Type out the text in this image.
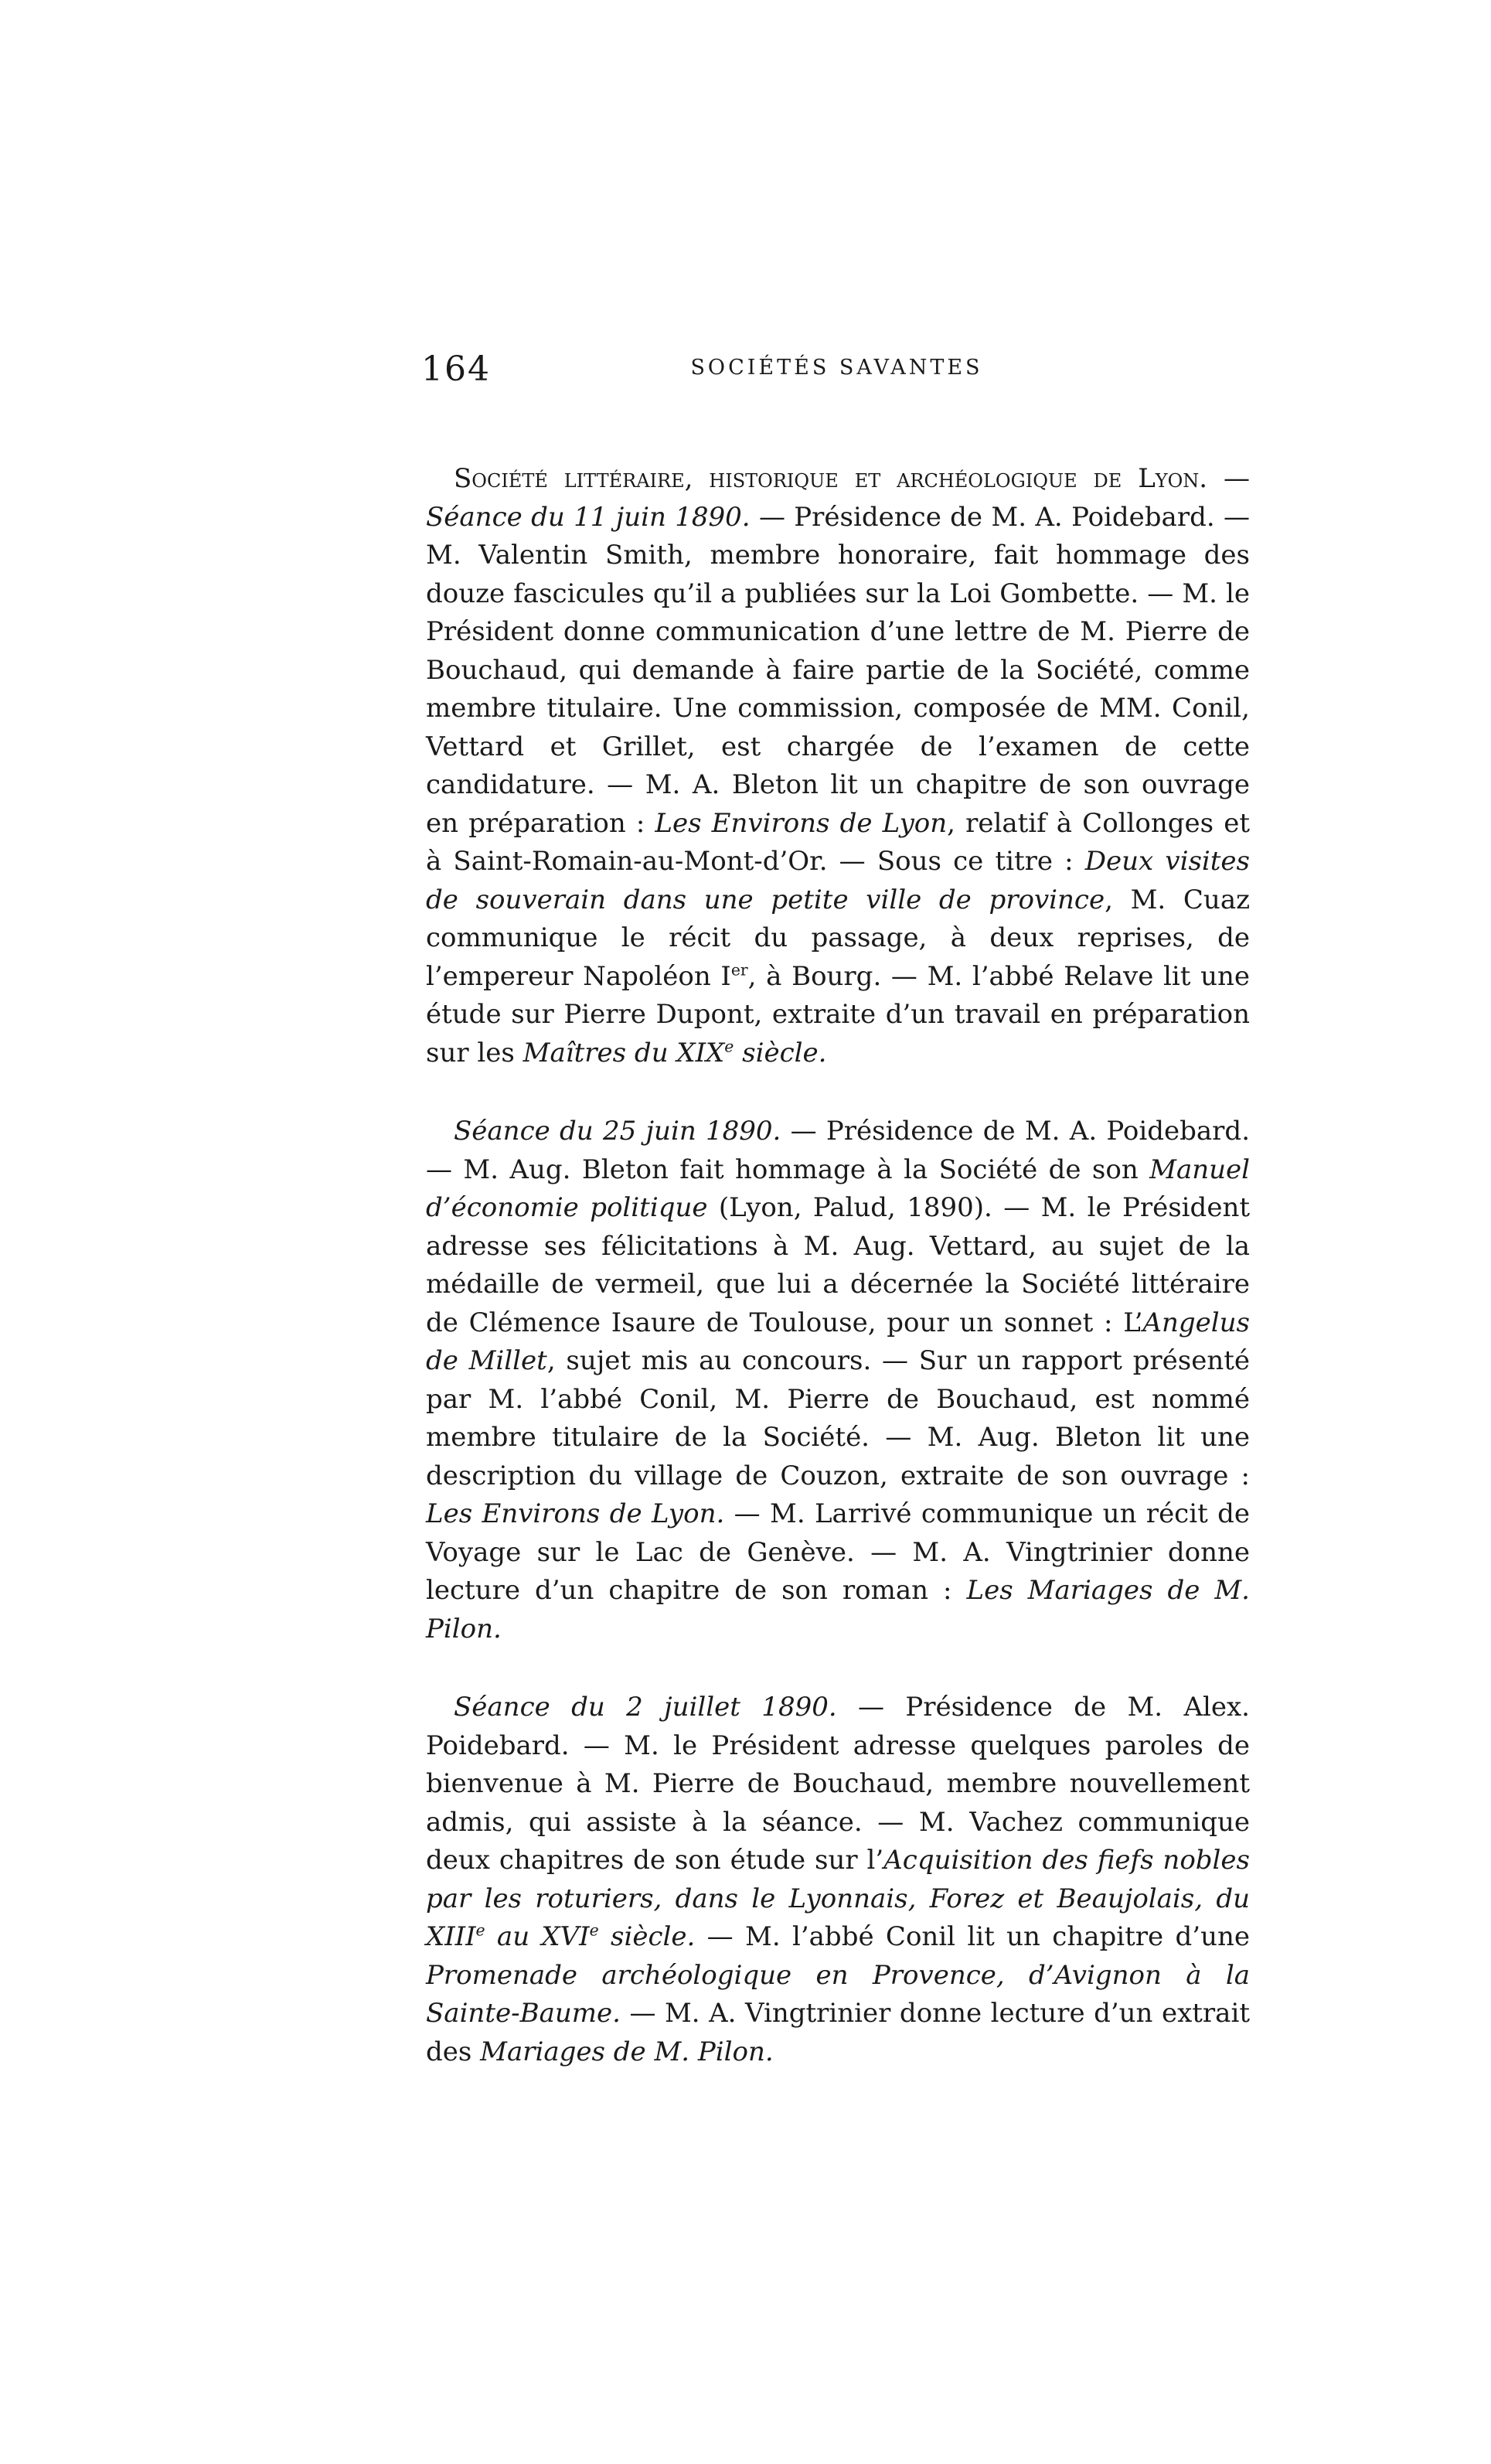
164	SOCIÉTÉS SAVANTES

Société littéraire, historique et archéologique de Lyon. — Séance du 11 juin 1890. — Présidence de M. A. Poidebard. — M. Valentin Smith, membre honoraire, fait hommage des douze fascicules qu’il a publiées sur la Loi Gombette. — M. le Président donne communication d’une lettre de M. Pierre de Bouchaud, qui demande à faire partie de la Société, comme membre titulaire. Une commission, composée de MM. Conil, Vettard et Grillet, est chargée de l’examen de cette candidature. — M. A. Bleton lit un chapitre de son ouvrage en préparation : Les Environs de Lyon, relatif à Collonges et à Saint-Romain-au-Mont-d’Or. — Sous ce titre : Deux visites de souverain dans une petite ville de province, M. Cuaz communique le récit du passage, à deux reprises, de l’empereur Napoléon Ier, à Bourg. — M. l’abbé Relave lit une étude sur Pierre Dupont, extraite d’un travail en préparation sur les Maîtres du XIXe siècle.

Séance du 25 juin 1890. — Présidence de M. A. Poidebard. — M. Aug. Bleton fait hommage à la Société de son Manuel d’économie politique (Lyon, Palud, 1890). — M. le Président adresse ses félicitations à M. Aug. Vettard, au sujet de la médaille de vermeil, que lui a décernée la Société littéraire de Clémence Isaure de Toulouse, pour un sonnet : L’Angelus de Millet, sujet mis au concours. — Sur un rapport présenté par M. l’abbé Conil, M. Pierre de Bouchaud, est nommé membre titulaire de la Société. — M. Aug. Bleton lit une description du village de Couzon, extraite de son ouvrage : Les Environs de Lyon. — M. Larrivé communique un récit de Voyage sur le Lac de Genève. — M. A. Vingtrinier donne lecture d’un chapitre de son roman : Les Mariages de M. Pilon.

Séance du 2 juillet 1890. — Présidence de M. Alex. Poidebard. — M. le Président adresse quelques paroles de bienvenue à M. Pierre de Bouchaud, membre nouvellement admis, qui assiste à la séance. — M. Vachez communique deux chapitres de son étude sur l’Acquisition des fiefs nobles par les roturiers, dans le Lyonnais, Forez et Beaujolais, du XIIIe au XVIe siècle. — M. l’abbé Conil lit un chapitre d’une Promenade archéologique en Provence, d’Avignon à la Sainte-Baume. — M. A. Vingtrinier donne lecture d’un extrait des Mariages de M. Pilon.
